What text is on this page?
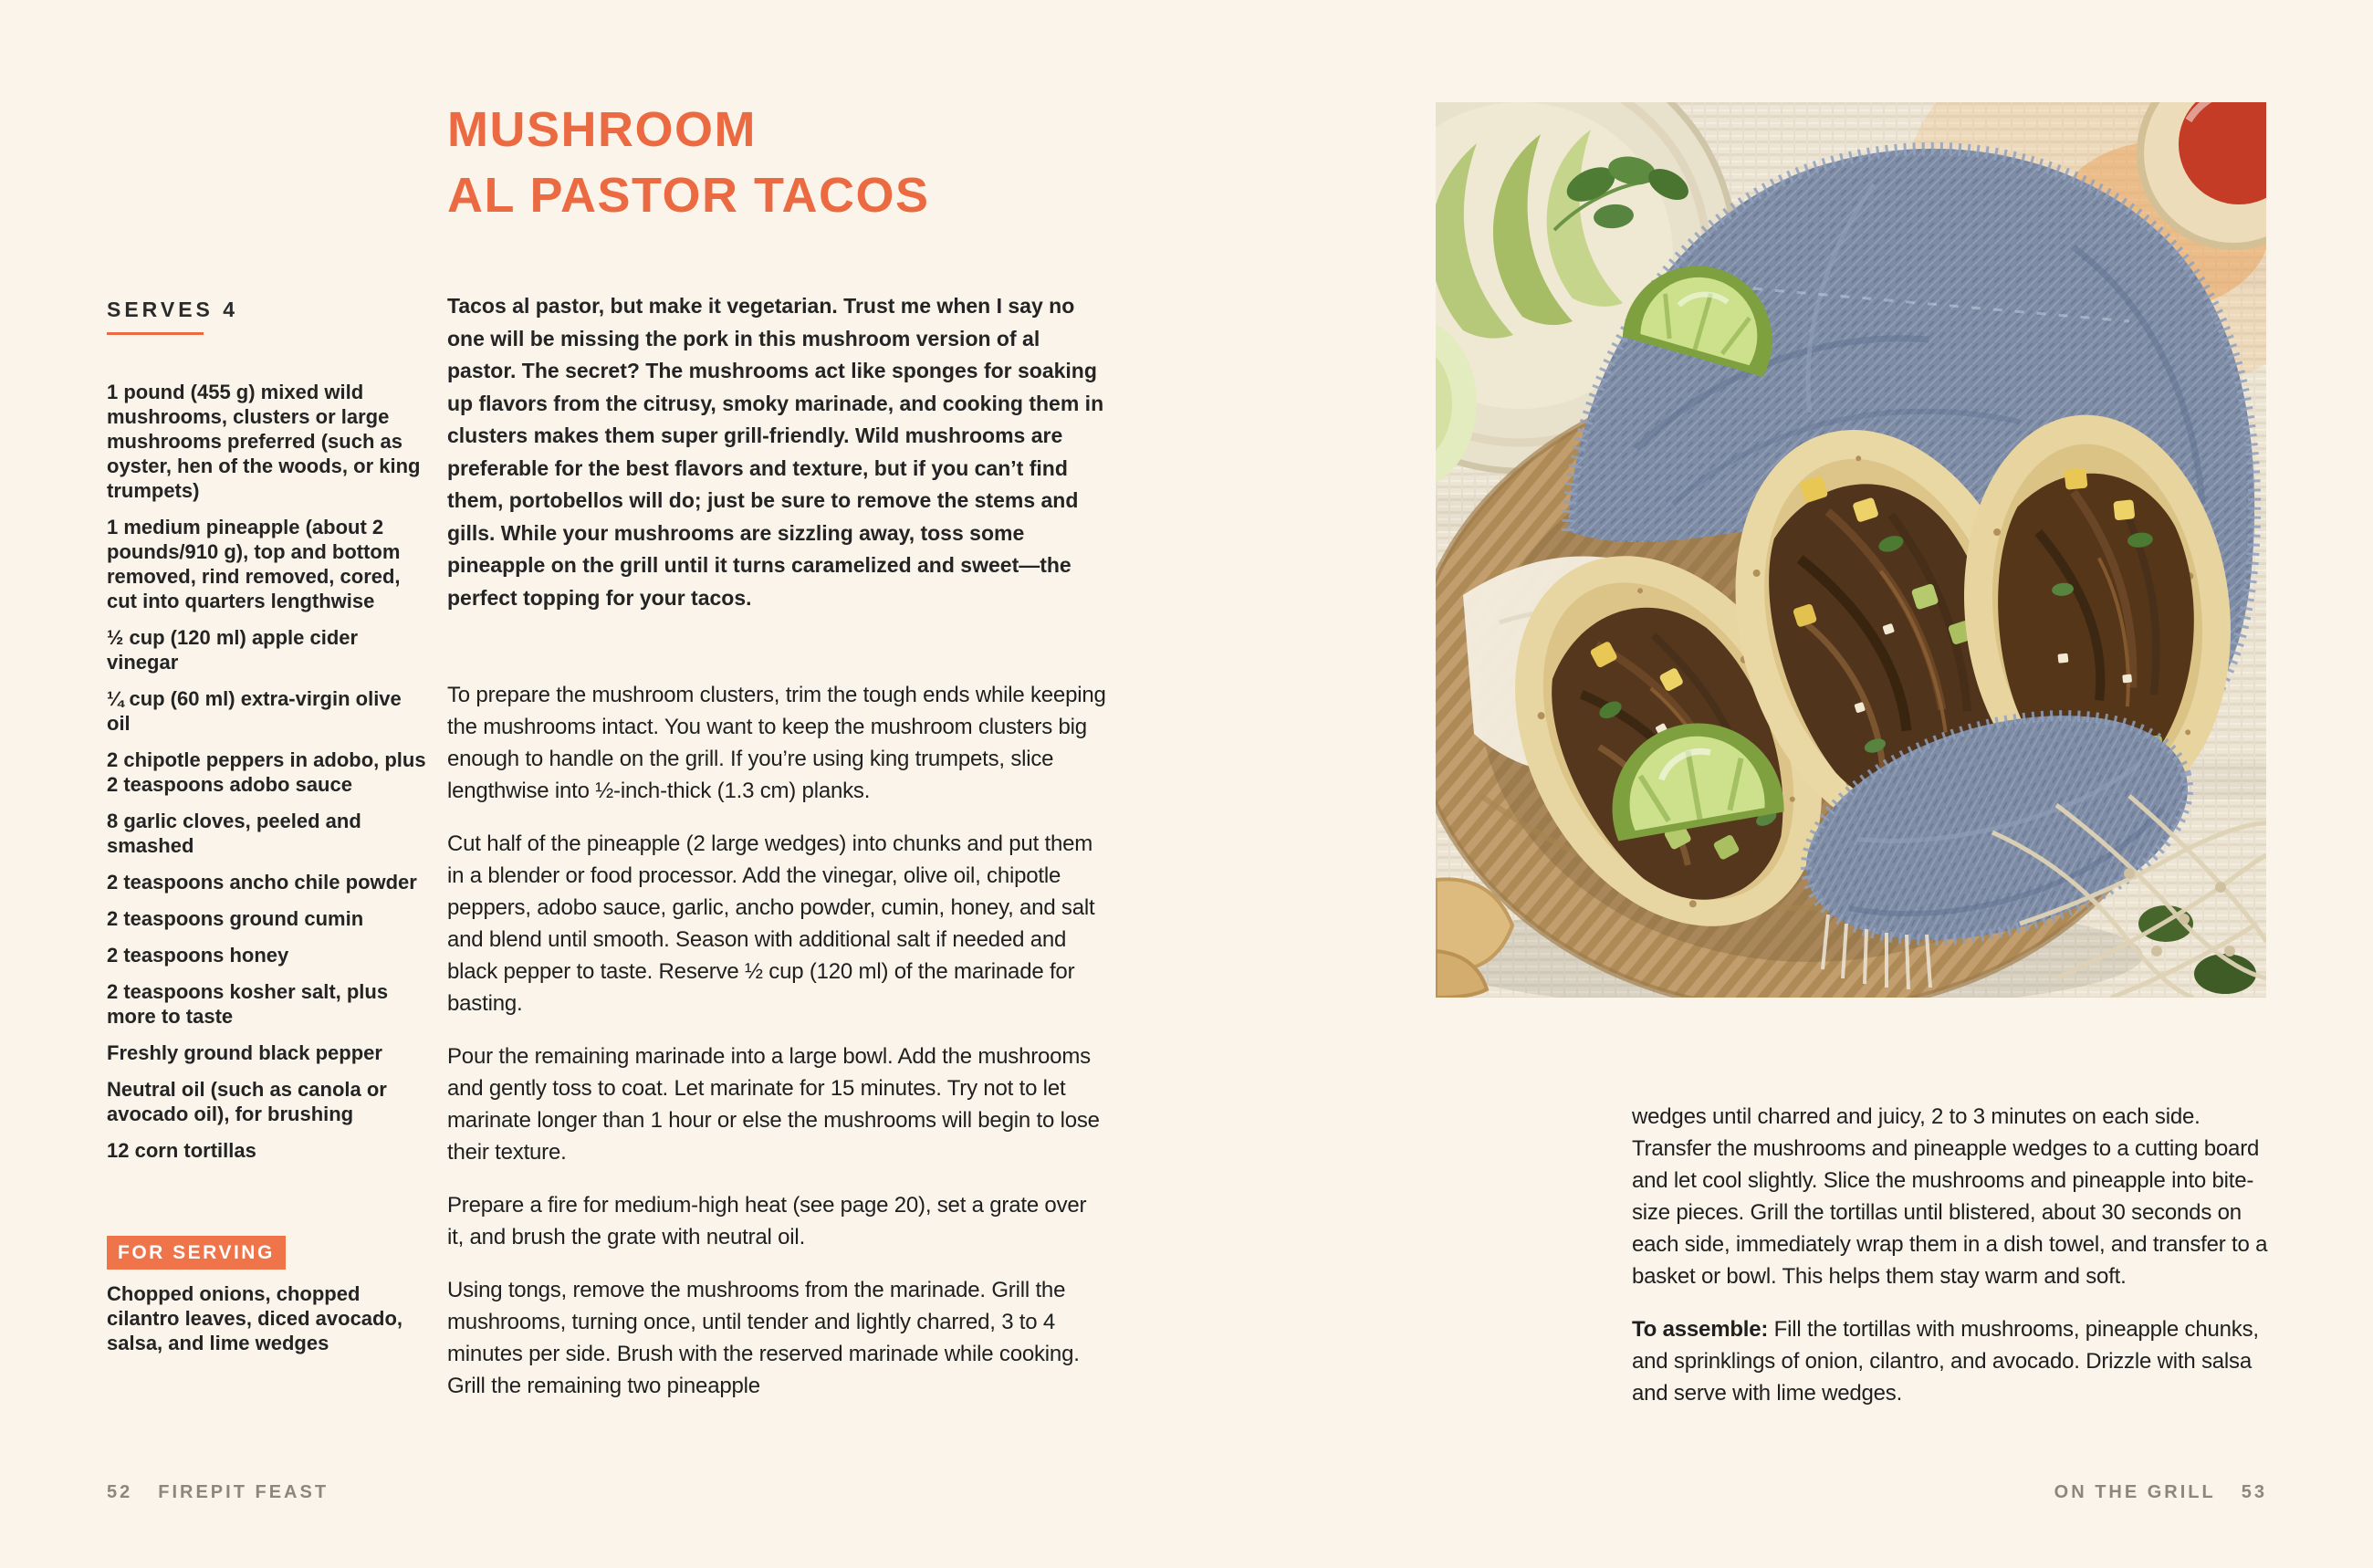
SERVES 4

1 pound (455 g) mixed wild mushrooms, clusters or large mushrooms preferred (such as oyster, hen of the woods, or king trumpets)

1 medium pineapple (about 2 pounds/910 g), top and bottom removed, rind removed, cored, cut into quarters lengthwise

½ cup (120 ml) apple cider vinegar

¼ cup (60 ml) extra-virgin olive oil

2 chipotle peppers in adobo, plus 2 teaspoons adobo sauce

8 garlic cloves, peeled and smashed

2 teaspoons ancho chile powder

2 teaspoons ground cumin

2 teaspoons honey

2 teaspoons kosher salt, plus more to taste

Freshly ground black pepper

Neutral oil (such as canola or avocado oil), for brushing

12 corn tortillas

FOR SERVING
Chopped onions, chopped cilantro leaves, diced avocado, salsa, and lime wedges
MUSHROOM
AL PASTOR TACOS
Tacos al pastor, but make it vegetarian. Trust me when I say no one will be missing the pork in this mushroom version of al pastor. The secret? The mushrooms act like sponges for soaking up flavors from the citrusy, smoky marinade, and cooking them in clusters makes them super grill-friendly. Wild mushrooms are preferable for the best flavors and texture, but if you can’t find them, portobellos will do; just be sure to remove the stems and gills. While your mushrooms are sizzling away, toss some pineapple on the grill until it turns caramelized and sweet—the perfect topping for your tacos.

To prepare the mushroom clusters, trim the tough ends while keeping the mushrooms intact. You want to keep the mushroom clusters big enough to handle on the grill. If you’re using king trumpets, slice lengthwise into ½-inch-thick (1.3 cm) planks.

Cut half of the pineapple (2 large wedges) into chunks and put them in a blender or food processor. Add the vinegar, olive oil, chipotle peppers, adobo sauce, garlic, ancho powder, cumin, honey, and salt and blend until smooth. Season with additional salt if needed and black pepper to taste. Reserve ½ cup (120 ml) of the marinade for basting.

Pour the remaining marinade into a large bowl. Add the mushrooms and gently toss to coat. Let marinate for 15 minutes. Try not to let marinate longer than 1 hour or else the mushrooms will begin to lose their texture.

Prepare a fire for medium-high heat (see page 20), set a grate over it, and brush the grate with neutral oil.

Using tongs, remove the mushrooms from the marinade. Grill the mushrooms, turning once, until tender and lightly charred, 3 to 4 minutes per side. Brush with the reserved marinade while cooking. Grill the remaining two pineapple

wedges until charred and juicy, 2 to 3 minutes on each side. Transfer the mushrooms and pineapple wedges to a cutting board and let cool slightly. Slice the mushrooms and pineapple into bite-size pieces. Grill the tortillas until blistered, about 30 seconds on each side, immediately wrap them in a dish towel, and transfer to a basket or bowl. This helps them stay warm and soft.

To assemble: Fill the tortillas with mushrooms, pineapple chunks, and sprinklings of onion, cilantro, and avocado. Drizzle with salsa and serve with lime wedges.

52 FIREPIT FEAST	ON THE GRILL 53
